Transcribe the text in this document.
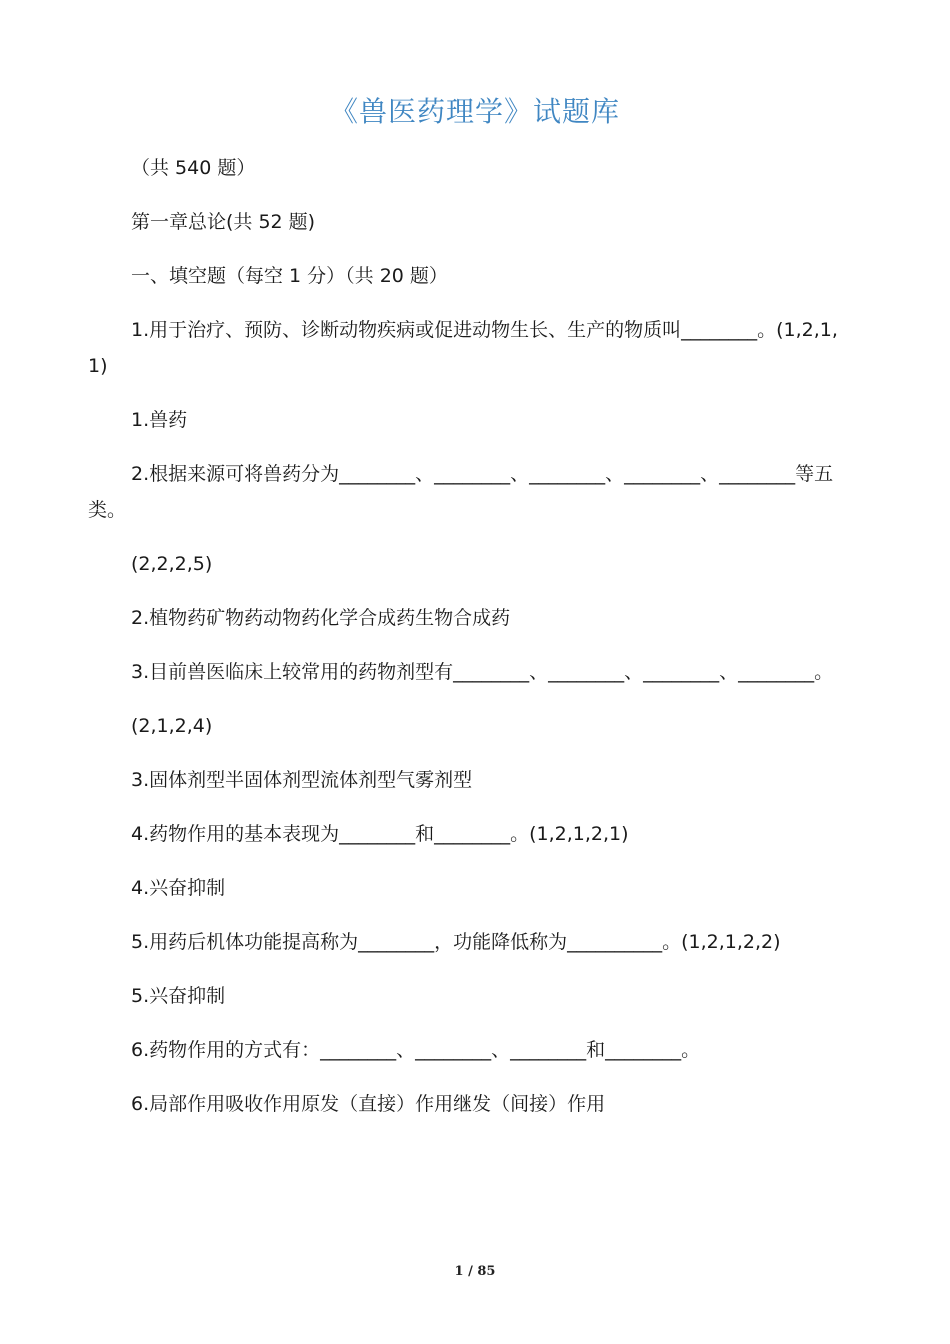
《兽医药理学》试题库

（共 540 题）

第一章总论(共 52 题)

一、填空题（每空 1 分）（共 20 题）

1.用于治疗、预防、诊断动物疾病或促进动物生长、生产的物质叫________。(1,2,1,1)

1.兽药

2.根据来源可将兽药分为________、________、________、________、________等五类。

(2,2,2,5)

2.植物药矿物药动物药化学合成药生物合成药

3.目前兽医临床上较常用的药物剂型有________、________、________、________。

(2,1,2,4)

3.固体剂型半固体剂型流体剂型气雾剂型

4.药物作用的基本表现为________和________。(1,2,1,2,1)

4.兴奋抑制

5.用药后机体功能提高称为________，功能降低称为__________。(1,2,1,2,2)

5.兴奋抑制

6.药物作用的方式有：________、________、________和________。

6.局部作用吸收作用原发（直接）作用继发（间接）作用

1 / 85
